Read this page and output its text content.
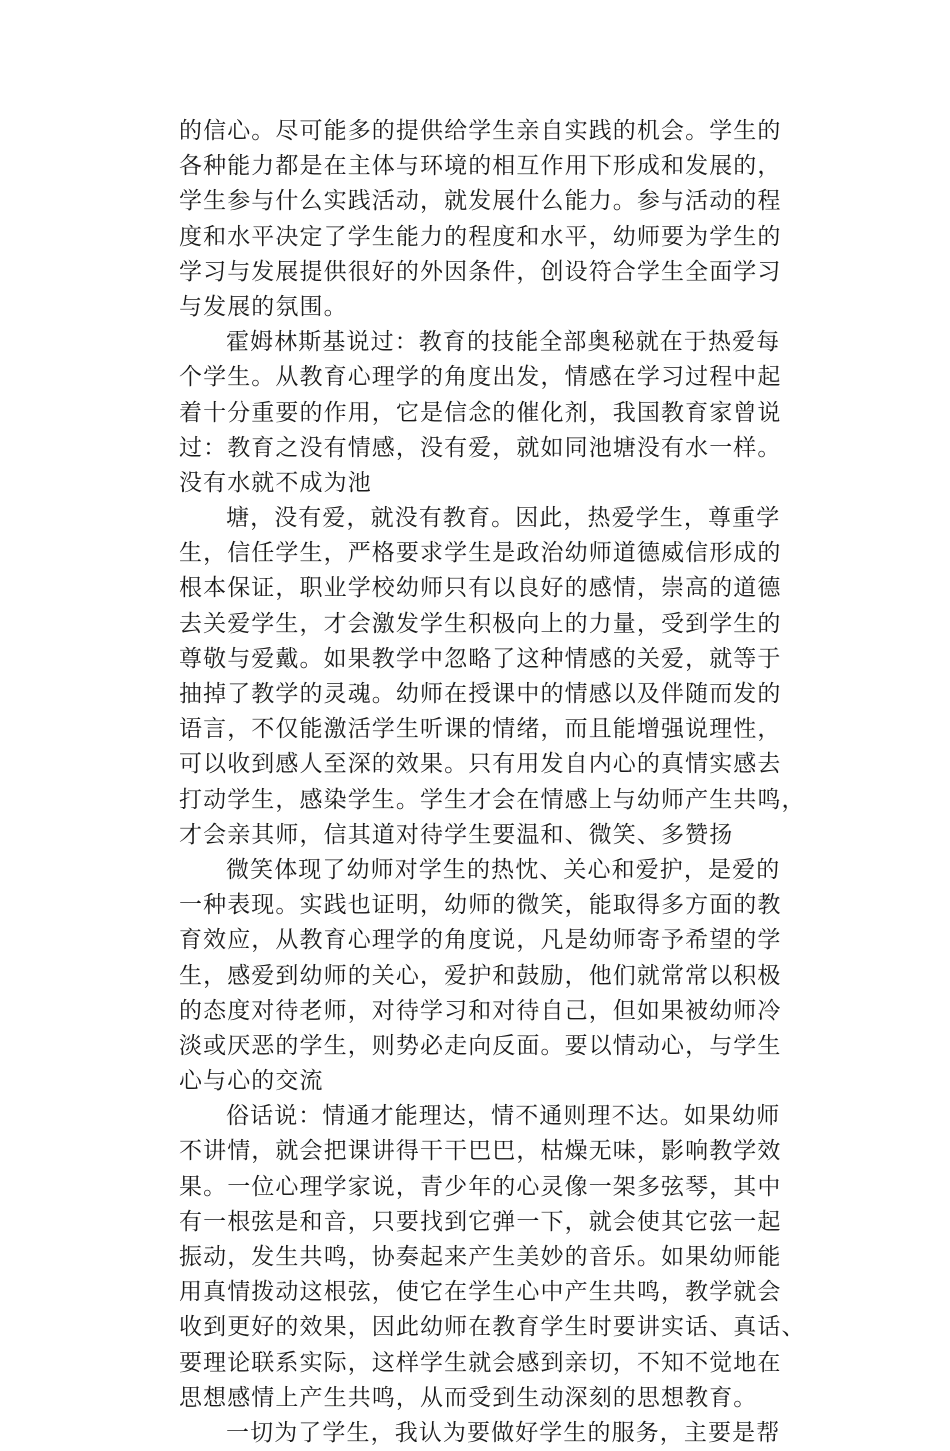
的信心。尽可能多的提供给学生亲自实践的机会。学生的
各种能力都是在主体与环境的相互作用下形成和发展的，
学生参与什么实践活动，就发展什么能力。参与活动的程
度和水平决定了学生能力的程度和水平，幼师要为学生的
学习与发展提供很好的外因条件，创设符合学生全面学习
与发展的氛围。
霍姆林斯基说过：教育的技能全部奥秘就在于热爱每
个学生。从教育心理学的角度出发，情感在学习过程中起
着十分重要的作用，它是信念的催化剂，我国教育家曾说
过：教育之没有情感，没有爱，就如同池塘没有水一样。
没有水就不成为池
塘，没有爱，就没有教育。因此，热爱学生，尊重学
生，信任学生，严格要求学生是政治幼师道德威信形成的
根本保证，职业学校幼师只有以良好的感情，崇高的道德
去关爱学生，才会激发学生积极向上的力量，受到学生的
尊敬与爱戴。如果教学中忽略了这种情感的关爱，就等于
抽掉了教学的灵魂。幼师在授课中的情感以及伴随而发的
语言，不仅能激活学生听课的情绪，而且能增强说理性，
可以收到感人至深的效果。只有用发自内心的真情实感去
打动学生，感染学生。学生才会在情感上与幼师产生共鸣，
才会亲其师，信其道对待学生要温和、微笑、多赞扬
微笑体现了幼师对学生的热忱、关心和爱护，是爱的
一种表现。实践也证明，幼师的微笑，能取得多方面的教
育效应，从教育心理学的角度说，凡是幼师寄予希望的学
生，感爱到幼师的关心，爱护和鼓励，他们就常常以积极
的态度对待老师，对待学习和对待自己，但如果被幼师冷
淡或厌恶的学生，则势必走向反面。要以情动心，与学生
心与心的交流
俗话说：情通才能理达，情不通则理不达。如果幼师
不讲情，就会把课讲得干干巴巴，枯燥无味，影响教学效
果。一位心理学家说，青少年的心灵像一架多弦琴，其中
有一根弦是和音，只要找到它弹一下，就会使其它弦一起
振动，发生共鸣，协奏起来产生美妙的音乐。如果幼师能
用真情拨动这根弦，使它在学生心中产生共鸣，教学就会
收到更好的效果，因此幼师在教育学生时要讲实话、真话、
要理论联系实际，这样学生就会感到亲切，不知不觉地在
思想感情上产生共鸣，从而受到生动深刻的思想教育。
一切为了学生，我认为要做好学生的服务，主要是帮
